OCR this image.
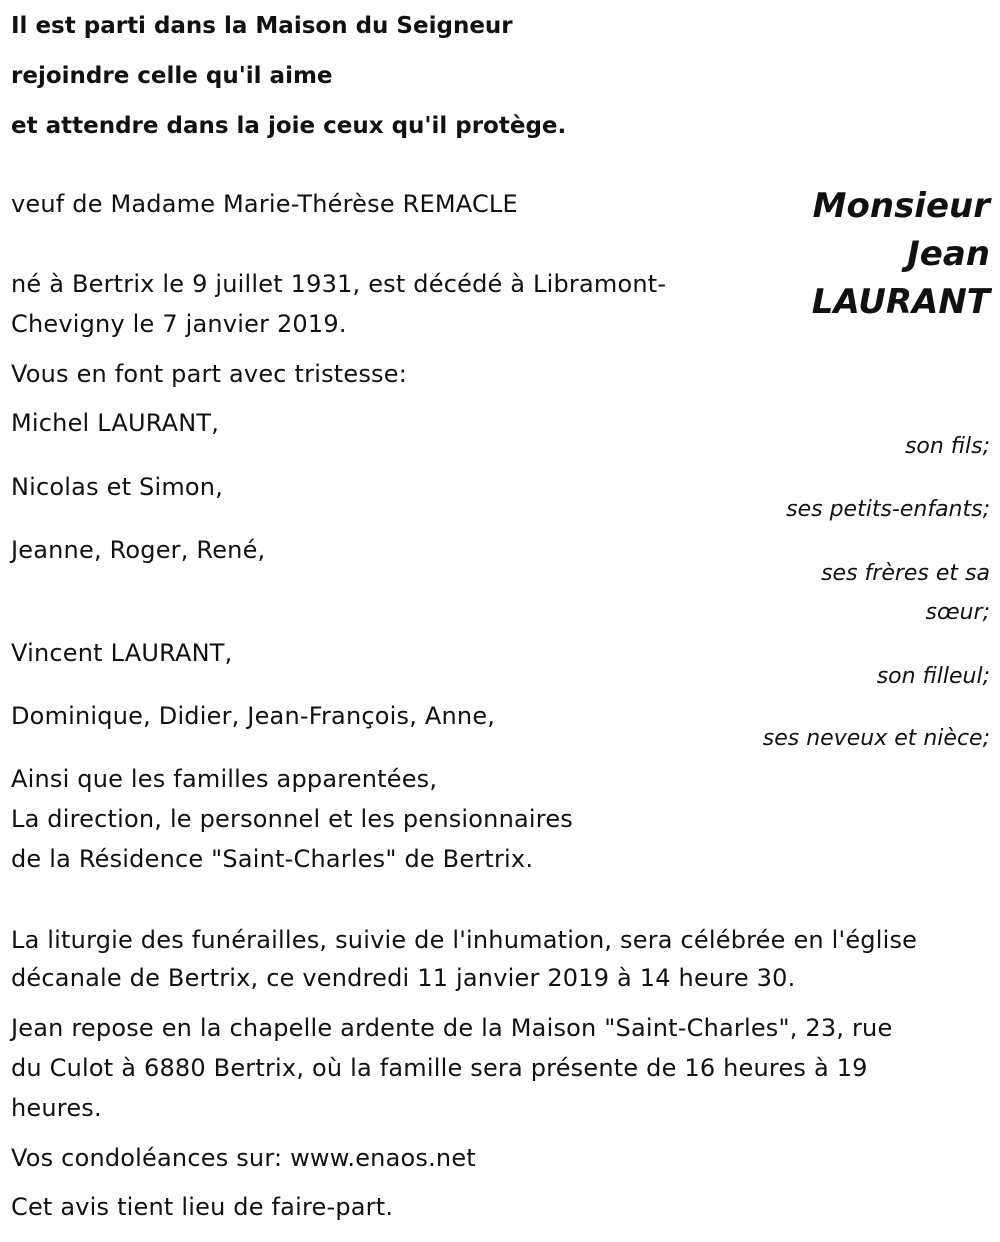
Il est parti dans la Maison du Seigneur
rejoindre celle qu'il aime
et attendre dans la joie ceux qu'il protège.
Monsieur
Jean
LAURANT
veuf de Madame Marie-Thérèse REMACLE
né à Bertrix le 9 juillet 1931, est décédé à Libramont-
Chevigny le 7 janvier 2019.
Vous en font part avec tristesse:
Michel LAURANT,
son fils;
Nicolas et Simon,
ses petits-enfants;
Jeanne, Roger, René,
ses frères et sa
sœur;
Vincent LAURANT,
son filleul;
Dominique, Didier, Jean-François, Anne,
ses neveux et nièce;
Ainsi que les familles apparentées,
La direction, le personnel et les pensionnaires
de la Résidence "Saint-Charles" de Bertrix.
La liturgie des funérailles, suivie de l'inhumation, sera célébrée en l'église
décanale de Bertrix, ce vendredi 11 janvier 2019 à 14 heure 30.
Jean repose en la chapelle ardente de la Maison "Saint-Charles", 23, rue
du Culot à 6880 Bertrix, où la famille sera présente de 16 heures à 19
heures.
Vos condoléances sur: www.enaos.net
Cet avis tient lieu de faire-part.
